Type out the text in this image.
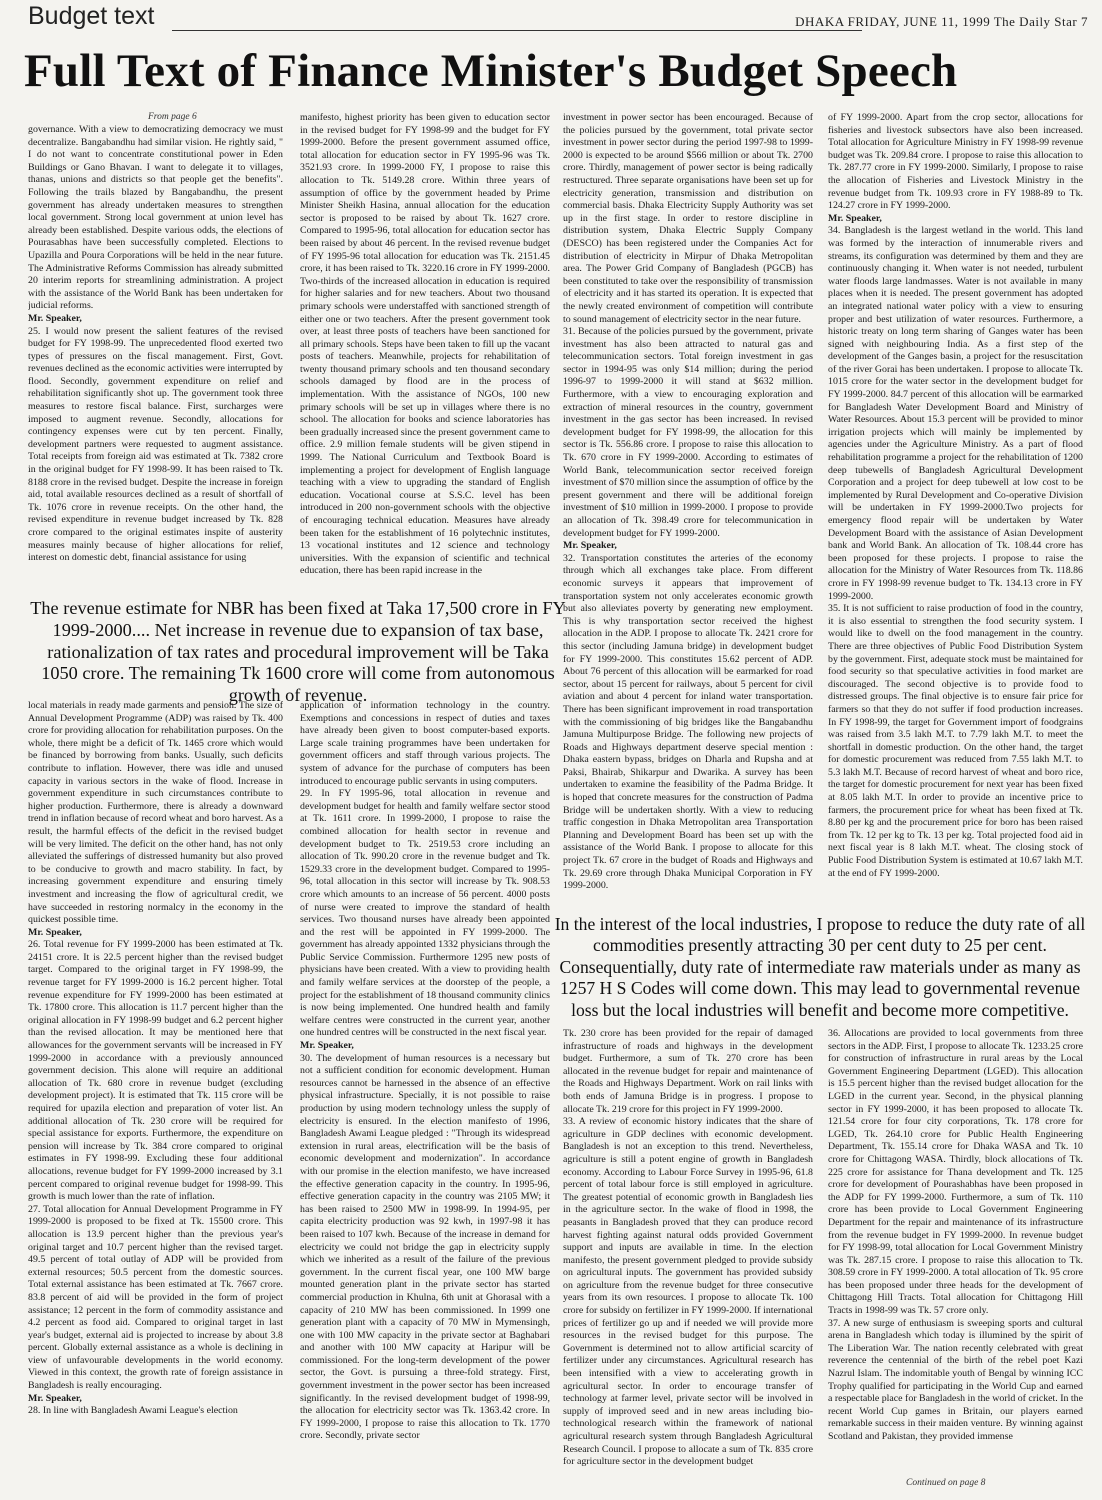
Budget text	DHAKA FRIDAY, JUNE 11, 1999 The Daily Star 7
Full Text of Finance Minister's Budget Speech
From page 6

governance. With a view to democratizing democracy we must decentralize. Bangabandhu had similar vision. He rightly said, " I do not want to concentrate constitutional power in Eden Buildings or Gano Bhavan. I want to delegate it to villages, thanas, unions and districts so that people get the benefits". Following the trails blazed by Bangabandhu, the present government has already undertaken measures to strengthen local government. Strong local government at union level has already been established. Despite various odds, the elections of Pourasabhas have been successfully completed. Elections to Upazilla and Poura Corporations will be held in the near future. The Administrative Reforms Commission has already submitted 20 interim reports for streamlining administration. A project with the assistance of the World Bank has been undertaken for judicial reforms.

Mr. Speaker,

25. I would now present the salient features of the revised budget for FY 1998-99. The unprecedented flood exerted two types of pressures on the fiscal management. First, Govt. revenues declined as the economic activities were interrupted by flood. Secondly, government expenditure on relief and rehabilitation significantly shot up. The government took three measures to restore fiscal balance. First, surcharges were imposed to augment revenue. Secondly, allocations for contingency expenses were cut by ten percent. Finally, development partners were requested to augment assistance. Total receipts from foreign aid was estimated at Tk. 7382 crore in the original budget for FY 1998-99. It has been raised to Tk. 8188 crore in the revised budget. Despite the increase in foreign aid, total available resources declined as a result of shortfall of Tk. 1076 crore in revenue receipts. On the other hand, the revised expenditure in revenue budget increased by Tk. 828 crore compared to the original estimates inspite of austerity measures mainly because of higher allocations for relief, interest on domestic debt, financial assistance for using

manifesto, highest priority has been given to education sector in the revised budget for FY 1998-99 and the budget for FY 1999-2000. Before the present government assumed office, total allocation for education sector in FY 1995-96 was Tk. 3521.93 crore. In 1999-2000 FY, I propose to raise this allocation to Tk. 5149.28 crore. Within three years of assumption of office by the government headed by Prime Minister Sheikh Hasina, annual allocation for the education sector is proposed to be raised by about Tk. 1627 crore. Compared to 1995-96, total allocation for education sector has been raised by about 46 percent. In the revised revenue budget of FY 1995-96 total allocation for education was Tk. 2151.45 crore, it has been raised to Tk. 3220.16 crore in FY 1999-2000. Two-thirds of the increased allocation in education is required for higher salaries and for new teachers. About two thousand primary schools were understaffed with sanctioned strength of either one or two teachers. After the present government took over, at least three posts of teachers have been sanctioned for all primary schools. Steps have been taken to fill up the vacant posts of teachers. Meanwhile, projects for rehabilitation of twenty thousand primary schools and ten thousand secondary schools damaged by flood are in the process of implementation. With the assistance of NGOs, 100 new primary schools will be set up in villages where there is no school. The allocation for books and science laboratories has been gradually increased since the present government came to office. 2.9 million female students will be given stipend in 1999. The National Curriculum and Textbook Board is implementing a project for development of English language teaching with a view to upgrading the standard of English education. Vocational course at S.S.C. level has been introduced in 200 non-government schools with the objective of encouraging technical education. Measures have already been taken for the establishment of 16 polytechnic institutes, 13 vocational institutes and 12 science and technology universities. With the expansion of scientific and technical education, there has been rapid increase in the

investment in power sector has been encouraged. Because of the policies pursued by the government, total private sector investment in power sector during the period 1997-98 to 1999-2000 is expected to be around $566 million or about Tk. 2700 crore. Thirdly, management of power sector is being radically restructured. Three separate organisations have been set up for electricity generation, transmission and distribution on commercial basis. Dhaka Electricity Supply Authority was set up in the first stage. In order to restore discipline in distribution system, Dhaka Electric Supply Company (DESCO) has been registered under the Companies Act for distribution of electricity in Mirpur of Dhaka Metropolitan area. The Power Grid Company of Bangladesh (PGCB) has been constituted to take over the responsibility of transmission of electricity and it has started its operation. It is expected that the newly created environment of competition will contribute to sound management of electricity sector in the near future.

31. Because of the policies pursued by the government, private investment has also been attracted to natural gas and telecommunication sectors. Total foreign investment in gas sector in 1994-95 was only $14 million; during the period 1996-97 to 1999-2000 it will stand at $632 million. Furthermore, with a view to encouraging exploration and extraction of mineral resources in the country, government investment in the gas sector has been increased. In revised development budget for FY 1998-99, the allocation for this sector is Tk. 556.86 crore. I propose to raise this allocation to Tk. 670 crore in FY 1999-2000. According to estimates of World Bank, telecommunication sector received foreign investment of $70 million since the assumption of office by the present government and there will be additional foreign investment of $10 million in 1999-2000. I propose to provide an allocation of Tk. 398.49 crore for telecommunication in development budget for FY 1999-2000.

Mr. Speaker,

32. Transportation constitutes the arteries of the economy through which all exchanges take place. From different economic surveys it appears that improvement of transportation system not only accelerates economic growth but also alleviates poverty by generating new employment. This is why transportation sector received the highest allocation in the ADP. I propose to allocate Tk. 2421 crore for this sector (including Jamuna bridge) in development budget for FY 1999-2000. This constitutes 15.62 percent of ADP. About 76 percent of this allocation will be earmarked for road sector, about 15 percent for railways, about 5 percent for civil aviation and about 4 percent for inland water transportation. There has been significant improvement in road transportation with the commissioning of big bridges like the Bangabandhu Jamuna Multipurpose Bridge. The following new projects of Roads and Highways department deserve special mention : Dhaka eastern bypass, bridges on Dharla and Rupsha and at Paksi, Bhairab, Shikarpur and Dwarika. A survey has been undertaken to examine the feasibility of the Padma Bridge. It is hoped that concrete measures for the construction of Padma Bridge will be undertaken shortly. With a view to reducing traffic congestion in Dhaka Metropolitan area Transportation Planning and Development Board has been set up with the assistance of the World Bank. I propose to allocate for this project Tk. 67 crore in the budget of Roads and Highways and Tk. 29.69 crore through Dhaka Municipal Corporation in FY 1999-2000.

of FY 1999-2000. Apart from the crop sector, allocations for fisheries and livestock subsectors have also been increased. Total allocation for Agriculture Ministry in FY 1998-99 revenue budget was Tk. 209.84 crore. I propose to raise this allocation to Tk. 287.77 crore in FY 1999-2000. Similarly, I propose to raise the allocation of Fisheries and Livestock Ministry in the revenue budget from Tk. 109.93 crore in FY 1988-89 to Tk. 124.27 crore in FY 1999-2000.

Mr. Speaker,

34. Bangladesh is the largest wetland in the world. This land was formed by the interaction of innumerable rivers and streams, its configuration was determined by them and they are continuously changing it. When water is not needed, turbulent water floods large landmasses. Water is not available in many places when it is needed. The present government has adopted an integrated national water policy with a view to ensuring proper and best utilization of water resources. Furthermore, a historic treaty on long term sharing of Ganges water has been signed with neighbouring India. As a first step of the development of the Ganges basin, a project for the resuscitation of the river Gorai has been undertaken. I propose to allocate Tk. 1015 crore for the water sector in the development budget for FY 1999-2000. 84.7 percent of this allocation will be earmarked for Bangladesh Water Development Board and Ministry of Water Resources. About 15.3 percent will be provided to minor irrigation projects which will mainly be implemented by agencies under the Agriculture Ministry. As a part of flood rehabilitation programme a project for the rehabilitation of 1200 deep tubewells of Bangladesh Agricultural Development Corporation and a project for deep tubewell at low cost to be implemented by Rural Development and Co-operative Division will be undertaken in FY 1999-2000.Two projects for emergency flood repair will be undertaken by Water Development Board with the assistance of Asian Development bank and World Bank. An allocation of Tk. 108.44 crore has been proposed for these projects. I propose to raise the allocation for the Ministry of Water Resources from Tk. 118.86 crore in FY 1998-99 revenue budget to Tk. 134.13 crore in FY 1999-2000.

35. It is not sufficient to raise production of food in the country, it is also essential to strengthen the food security system. I would like to dwell on the food management in the country. There are three objectives of Public Food Distribution System by the government. First, adequate stock must be maintained for food security so that speculative activities in food market are discouraged. The second objective is to provide food to distressed groups. The final objective is to ensure fair price for farmers so that they do not suffer if food production increases. In FY 1998-99, the target for Government import of foodgrains was raised from 3.5 lakh M.T. to 7.79 lakh M.T. to meet the shortfall in domestic production. On the other hand, the target for domestic procurement was reduced from 7.55 lakh M.T. to 5.3 lakh M.T. Because of record harvest of wheat and boro rice, the target for domestic procurement for next year has been fixed at 8.05 lakh M.T. In order to provide an incentive price to farmers, the procurement price for wheat has been fixed at Tk. 8.80 per kg and the procurement price for boro has been raised from Tk. 12 per kg to Tk. 13 per kg. Total projected food aid in next fiscal year is 8 lakh M.T. wheat. The closing stock of Public Food Distribution System is estimated at 10.67 lakh M.T. at the end of FY 1999-2000.

The revenue estimate for NBR has been fixed at Taka 17,500 crore in FY 1999-2000.... Net increase in revenue due to expansion of tax base, rationalization of tax rates and procedural improvement will be Taka 1050 crore. The remaining Tk 1600 crore will come from autonomous growth of revenue.

local materials in ready made garments and pension. The size of Annual Development Programme (ADP) was raised by Tk. 400 crore for providing allocation for rehabilitation purposes. On the whole, there might be a deficit of Tk. 1465 crore which would be financed by borrowing from banks. Usually, such deficits contribute to inflation. However, there was idle and unused capacity in various sectors in the wake of flood. Increase in government expenditure in such circumstances contribute to higher production. Furthermore, there is already a downward trend in inflation because of record wheat and boro harvest. As a result, the harmful effects of the deficit in the revised budget will be very limited. The deficit on the other hand, has not only alleviated the sufferings of distressed humanity but also proved to be conducive to growth and macro stability. In fact, by increasing government expenditure and ensuring timely investment and increasing the flow of agricultural credit, we have succeeded in restoring normalcy in the economy in the quickest possible time.

Mr. Speaker,

26. Total revenue for FY 1999-2000 has been estimated at Tk. 24151 crore. It is 22.5 percent higher than the revised budget target. Compared to the original target in FY 1998-99, the revenue target for FY 1999-2000 is 16.2 percent higher. Total revenue expenditure for FY 1999-2000 has been estimated at Tk. 17800 crore. This allocation is 11.7 percent higher than the original allocation in FY 1998-99 budget and 6.2 percent higher than the revised allocation. It may be mentioned here that allowances for the government servants will be increased in FY 1999-2000 in accordance with a previously announced government decision. This alone will require an additional allocation of Tk. 680 crore in revenue budget (excluding development project). It is estimated that Tk. 115 crore will be required for upazila election and preparation of voter list. An additional allocation of Tk. 230 crore will be required for special assistance for exports. Furthermore, the expenditure on pension will increase by Tk. 384 crore compared to original estimates in FY 1998-99. Excluding these four additional allocations, revenue budget for FY 1999-2000 increased by 3.1 percent compared to original revenue budget for 1998-99. This growth is much lower than the rate of inflation.

27. Total allocation for Annual Development Programme in FY 1999-2000 is proposed to be fixed at Tk. 15500 crore. This allocation is 13.9 percent higher than the previous year's original target and 10.7 percent higher than the revised target. 49.5 percent of total outlay of ADP will be provided from external resources; 50.5 percent from the domestic sources. Total external assistance has been estimated at Tk. 7667 crore. 83.8 percent of aid will be provided in the form of project assistance; 12 percent in the form of commodity assistance and 4.2 percent as food aid. Compared to original target in last year's budget, external aid is projected to increase by about 3.8 percent. Globally external assistance as a whole is declining in view of unfavourable developments in the world economy. Viewed in this context, the growth rate of foreign assistance in Bangladesh is really encouraging.

Mr. Speaker,

28. In line with Bangladesh Awami League's election

application of information technology in the country. Exemptions and concessions in respect of duties and taxes have already been given to boost computer-based exports. Large scale training programmes have been undertaken for government officers and staff through various projects. The system of advance for the purchase of computers has been introduced to encourage public servants in using computers.

29. In FY 1995-96, total allocation in revenue and development budget for health and family welfare sector stood at Tk. 1611 crore. In 1999-2000, I propose to raise the combined allocation for health sector in revenue and development budget to Tk. 2519.53 crore including an allocation of Tk. 990.20 crore in the revenue budget and Tk. 1529.33 crore in the development budget. Compared to 1995-96, total allocation in this sector will increase by Tk. 908.53 crore which amounts to an increase of 56 percent. 4000 posts of nurse were created to improve the standard of health services. Two thousand nurses have already been appointed and the rest will be appointed in FY 1999-2000. The government has already appointed 1332 physicians through the Public Service Commission. Furthermore 1295 new posts of physicians have been created. With a view to providing health and family welfare services at the doorstep of the people, a project for the establishment of 18 thousand community clinics is now being implemented. One hundred health and family welfare centres were constructed in the current year, another one hundred centres will be constructed in the next fiscal year.

Mr. Speaker,

30. The development of human resources is a necessary but not a sufficient condition for economic development. Human resources cannot be harnessed in the absence of an effective physical infrastructure. Specially, it is not possible to raise production by using modern technology unless the supply of electricity is ensured. In the election manifesto of 1996, Bangladesh Awami League pledged : "Through its widespread extension in rural areas, electrification will be the basis of economic development and modernization". In accordance with our promise in the election manifesto, we have increased the effective generation capacity in the country. In 1995-96, effective generation capacity in the country was 2105 MW; it has been raised to 2500 MW in 1998-99. In 1994-95, per capita electricity production was 92 kwh, in 1997-98 it has been raised to 107 kwh. Because of the increase in demand for electricity we could not bridge the gap in electricity supply which we inherited as a result of the failure of the previous government. In the current fiscal year, one 100 MW barge mounted generation plant in the private sector has started commercial production in Khulna, 6th unit at Ghorasal with a capacity of 210 MW has been commissioned. In 1999 one generation plant with a capacity of 70 MW in Mymensingh, one with 100 MW capacity in the private sector at Baghabari and another with 100 MW capacity at Haripur will be commissioned. For the long-term development of the power sector, the Govt. is pursuing a three-fold strategy. First, government investment in the power sector has been increased significantly. In the revised development budget of 1998-99, the allocation for electricity sector was Tk. 1363.42 crore. In FY 1999-2000, I propose to raise this allocation to Tk. 1770 crore. Secondly, private sector

In the interest of the local industries, I propose to reduce the duty rate of all commodities presently attracting 30 per cent duty to 25 per cent. Consequentially, duty rate of intermediate raw materials under as many as 1257 H S Codes will come down. This may lead to governmental revenue loss but the local industries will benefit and become more competitive.

Tk. 230 crore has been provided for the repair of damaged infrastructure of roads and highways in the development budget. Furthermore, a sum of Tk. 270 crore has been allocated in the revenue budget for repair and maintenance of the Roads and Highways Department. Work on rail links with both ends of Jamuna Bridge is in progress. I propose to allocate Tk. 219 crore for this project in FY 1999-2000.

33. A review of economic history indicates that the share of agriculture in GDP declines with economic development. Bangladesh is not an exception to this trend. Nevertheless, agriculture is still a potent engine of growth in Bangladesh economy. According to Labour Force Survey in 1995-96, 61.8 percent of total labour force is still employed in agriculture. The greatest potential of economic growth in Bangladesh lies in the agriculture sector. In the wake of flood in 1998, the peasants in Bangladesh proved that they can produce record harvest fighting against natural odds provided Government support and inputs are available in time. In the election manifesto, the present government pledged to provide subsidy on agricultural inputs. The government has provided subsidy on agriculture from the revenue budget for three consecutive years from its own resources. I propose to allocate Tk. 100 crore for subsidy on fertilizer in FY 1999-2000. If international prices of fertilizer go up and if needed we will provide more resources in the revised budget for this purpose. The Government is determined not to allow artificial scarcity of fertilizer under any circumstances. Agricultural research has been intensified with a view to accelerating growth in agricultural sector. In order to encourage transfer of technology at farmer level, private sector will be involved in supply of improved seed and in new areas including bio-technological research within the framework of national agricultural research system through Bangladesh Agricultural Research Council. I propose to allocate a sum of Tk. 835 crore for agriculture sector in the development budget

36. Allocations are provided to local governments from three sectors in the ADP. First, I propose to allocate Tk. 1233.25 crore for construction of infrastructure in rural areas by the Local Government Engineering Department (LGED). This allocation is 15.5 percent higher than the revised budget allocation for the LGED in the current year. Second, in the physical planning sector in FY 1999-2000, it has been proposed to allocate Tk. 121.54 crore for four city corporations, Tk. 178 crore for LGED, Tk. 264.10 crore for Public Health Engineering Department, Tk. 155.14 crore for Dhaka WASA and Tk. 10 crore for Chittagong WASA. Thirdly, block allocations of Tk. 225 crore for assistance for Thana development and Tk. 125 crore for development of Pourashabhas have been proposed in the ADP for FY 1999-2000. Furthermore, a sum of Tk. 110 crore has been provide to Local Government Engineering Department for the repair and maintenance of its infrastructure from the revenue budget in FY 1999-2000. In revenue budget for FY 1998-99, total allocation for Local Government Ministry was Tk. 287.15 crore. I propose to raise this allocation to Tk. 308.59 crore in FY 1999-2000. A total allocation of Tk. 95 crore has been proposed under three heads for the development of Chittagong Hill Tracts. Total allocation for Chittagong Hill Tracts in 1998-99 was Tk. 57 crore only.

37. A new surge of enthusiasm is sweeping sports and cultural arena in Bangladesh which today is illumined by the spirit of The Liberation War. The nation recently celebrated with great reverence the centennial of the birth of the rebel poet Kazi Nazrul Islam. The indomitable youth of Bengal by winning ICC Trophy qualified for participating in the World Cup and earned a respectable place for Bangladesh in the world of cricket. In the recent World Cup games in Britain, our players earned remarkable success in their maiden venture. By winning against Scotland and Pakistan, they provided immense

Continued on page 8
